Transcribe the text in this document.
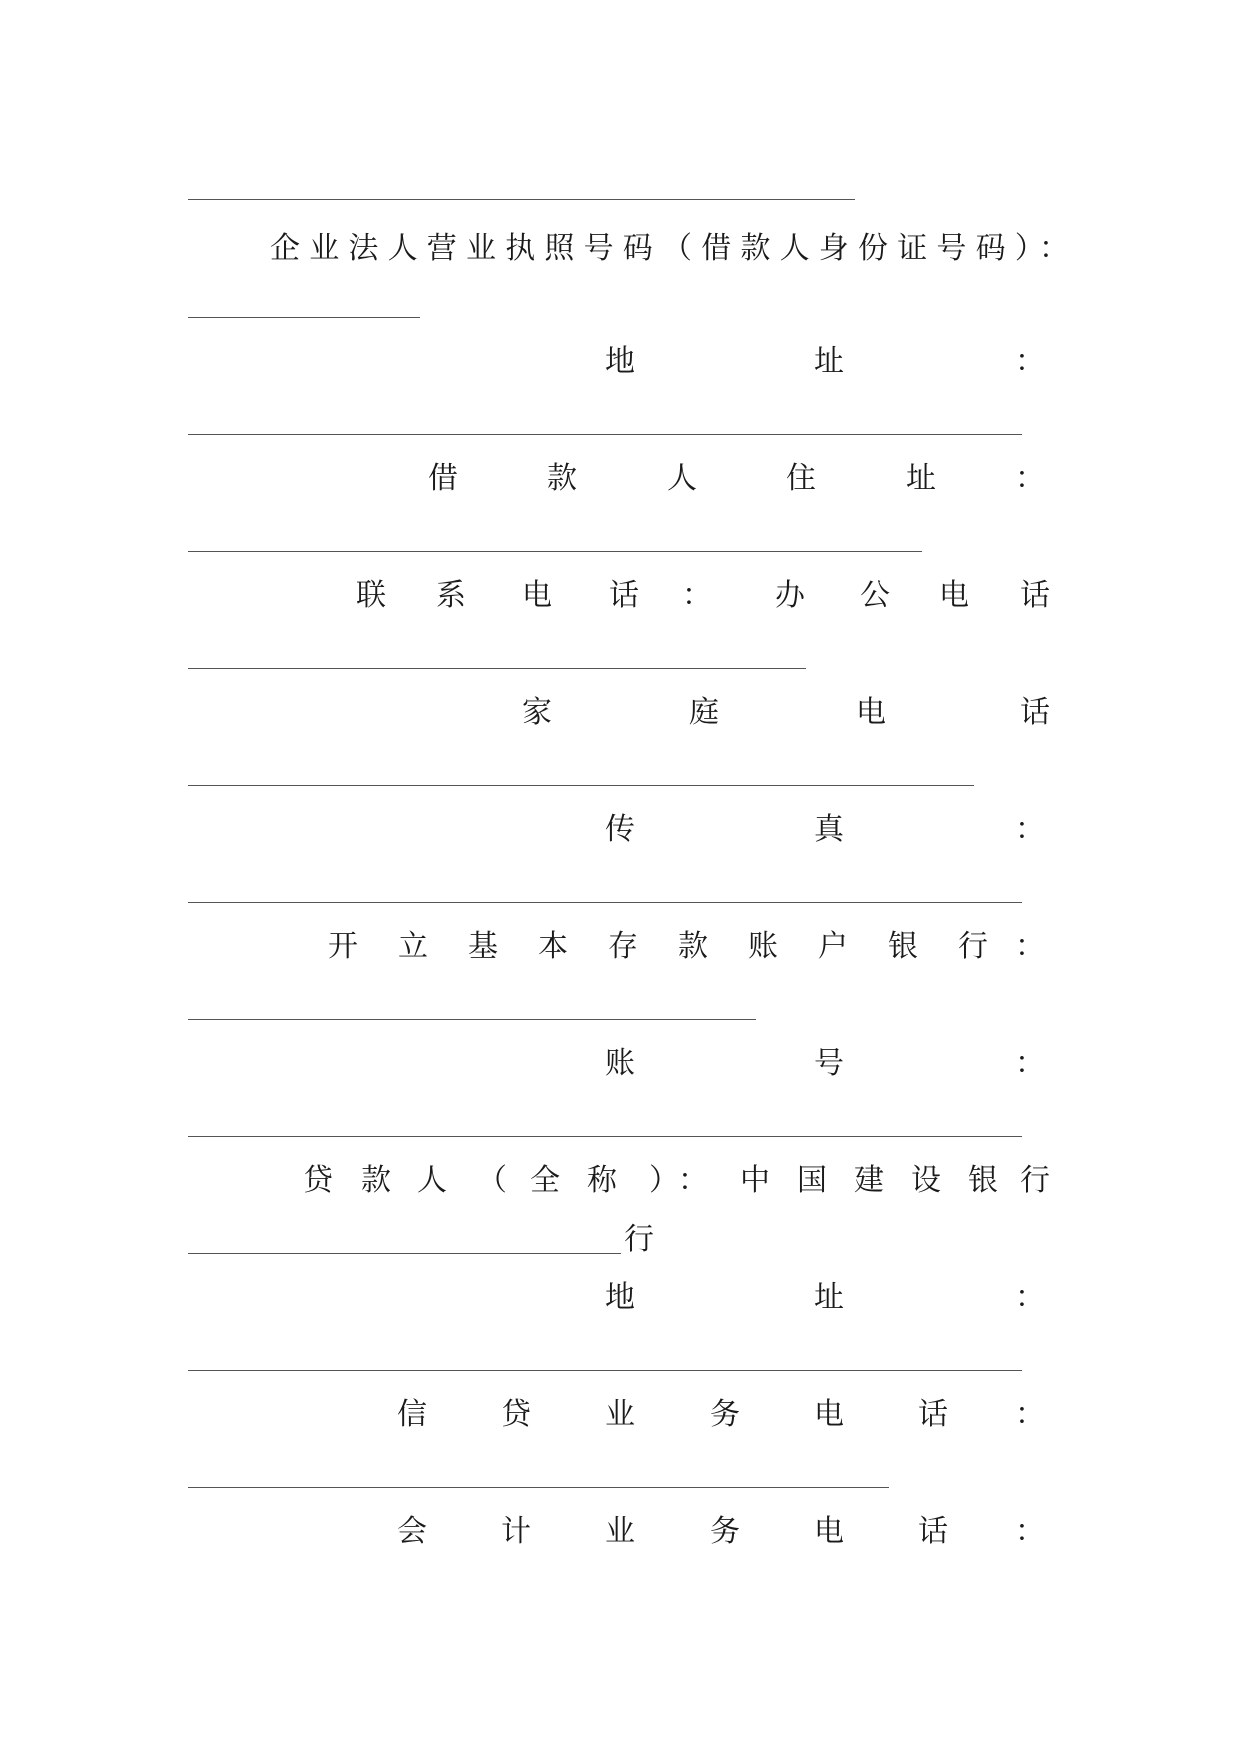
企业法人营业执照号码（借款人身份证号码）：
地	址	：
借	款	人	住	址	：
联 系 电 话 ： 办 公 电 话
家	庭	电	话
传	真	：
开 立 基 本 存 款 账 户 银 行 ：
账	号	：
贷 款 人 （ 全 称 ） ： 中 国 建 设 银 行
行
地	址	：
信 贷 业	务 电 话 ：
会 计 业	务 电 话 ：
